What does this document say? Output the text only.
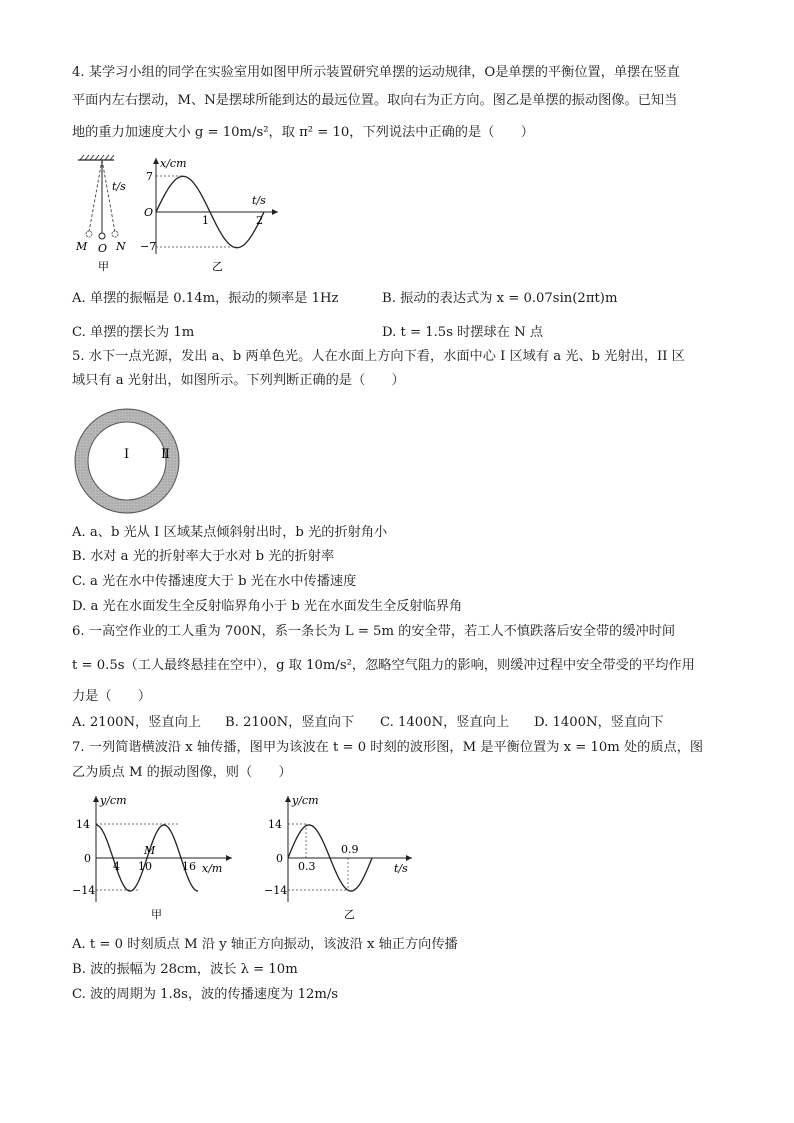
4. 某学习小组的同学在实验室用如图甲所示装置研究单摆的运动规律，O是单摆的平衡位置，单摆在竖直
平面内左右摆动，M、N是摆球所能到达的最远位置。取向右为正方向。图乙是单摆的振动图像。已知当
地的重力加速度大小 g = 10m/s²，取 π² = 10，下列说法中正确的是（　　）
t/s
M O N
甲
x/cm
t/s
O
7
−7
1	2
乙
A. 单摆的振幅是 0.14m，振动的频率是 1Hz	B. 振动的表达式为 x = 0.07sin(2πt)m
C. 单摆的摆长为 1m	D. t = 1.5s 时摆球在 N 点
5. 水下一点光源，发出 a、b 两单色光。人在水面上方向下看，水面中心 I 区域有 a 光、b 光射出，II 区
域只有 a 光射出，如图所示。下列判断正确的是（　　）
I Ⅱ
A. a、b 光从 I 区域某点倾斜射出时，b 光的折射角小
B. 水对 a 光的折射率大于水对 b 光的折射率
C. a 光在水中传播速度大于 b 光在水中传播速度
D. a 光在水面发生全反射临界角小于 b 光在水面发生全反射临界角
6. 一高空作业的工人重为 700N，系一条长为 L = 5m 的安全带，若工人不慎跌落后安全带的缓冲时间
t = 0.5s（工人最终悬挂在空中），g 取 10m/s²，忽略空气阻力的影响，则缓冲过程中安全带受的平均作用
力是（　　）
A. 2100N，竖直向上 B. 2100N，竖直向下 C. 1400N，竖直向上 D. 1400N，竖直向下
7. 一列简谐横波沿 x 轴传播，图甲为该波在 t = 0 时刻的波形图，M 是平衡位置为 x = 10m 处的质点，图
乙为质点 M 的振动图像，则（　　）
y/cm
x/m
0
14
−14
4 10	16
M
甲
y/cm
t/s
0
14
−14
0.3
0.9
乙
A. t = 0 时刻质点 M 沿 y 轴正方向振动，该波沿 x 轴正方向传播
B. 波的振幅为 28cm，波长 λ = 10m
C. 波的周期为 1.8s，波的传播速度为 12m/s
